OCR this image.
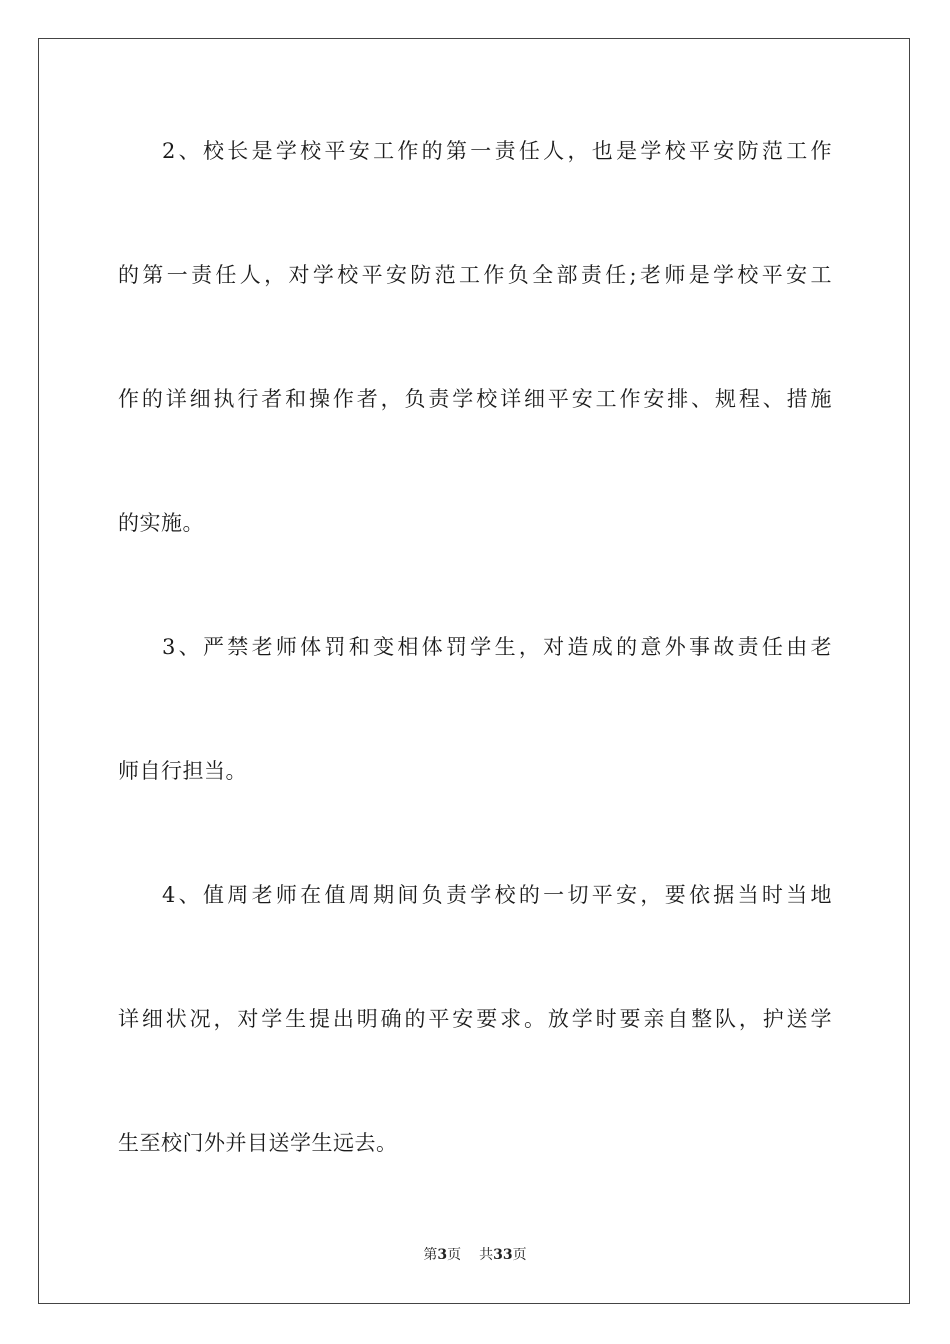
2、校长是学校平安工作的第一责任人，也是学校平安防范工作
的第一责任人，对学校平安防范工作负全部责任;老师是学校平安工
作的详细执行者和操作者，负责学校详细平安工作安排、规程、措施
的实施。
3、严禁老师体罚和变相体罚学生，对造成的意外事故责任由老
师自行担当。
4、值周老师在值周期间负责学校的一切平安，要依据当时当地
详细状况，对学生提出明确的平安要求。放学时要亲自整队，护送学
生至校门外并目送学生远去。
第3页 共33页
